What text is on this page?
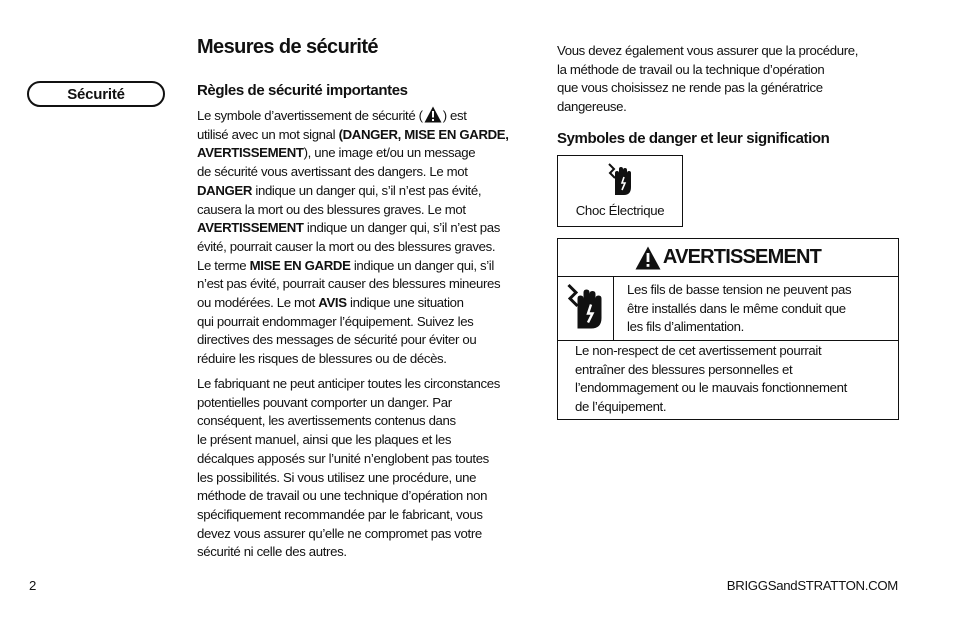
Sécurité
Mesures de sécurité
Règles de sécurité importantes

Le symbole d’avertissement de sécurité ( ) est
utilisé avec un mot signal (DANGER, MISE EN GARDE,
AVERTISSEMENT), une image et/ou un message
de sécurité vous avertissant des dangers. Le mot
DANGER indique un danger qui, s’il n’est pas évité,
causera la mort ou des blessures graves. Le mot
AVERTISSEMENT indique un danger qui, s’il n’est pas
évité, pourrait causer la mort ou des blessures graves.
Le terme MISE EN GARDE indique un danger qui, s’il
n’est pas évité, pourrait causer des blessures mineures
ou modérées. Le mot AVIS indique une situation
qui pourrait endommager l’équipement. Suivez les
directives des messages de sécurité pour éviter ou
réduire les risques de blessures ou de décès.

Le fabriquant ne peut anticiper toutes les circonstances
potentielles pouvant comporter un danger. Par
conséquent, les avertissements contenus dans
le présent manuel, ainsi que les plaques et les
décalques apposés sur l’unité n’englobent pas toutes
les possibilités. Si vous utilisez une procédure, une
méthode de travail ou une technique d’opération non
spécifiquement recommandée par le fabricant, vous
devez vous assurer qu’elle ne compromet pas votre
sécurité ni celle des autres.

Vous devez également vous assurer que la procédure,
la méthode de travail ou la technique d’opération
que vous choisissez ne rende pas la génératrice
dangereuse.

Symboles de danger et leur signification
Choc Électrique
AVERTISSEMENT

Les fils de basse tension ne peuvent pas
être installés dans le même conduit que
les fils d’alimentation.

Le non-respect de cet avertissement pourrait
entraîner des blessures personnelles et
l’endommagement ou le mauvais fonctionnement
de l’équipement.

2	BRIGGSandSTRATTON.COM
